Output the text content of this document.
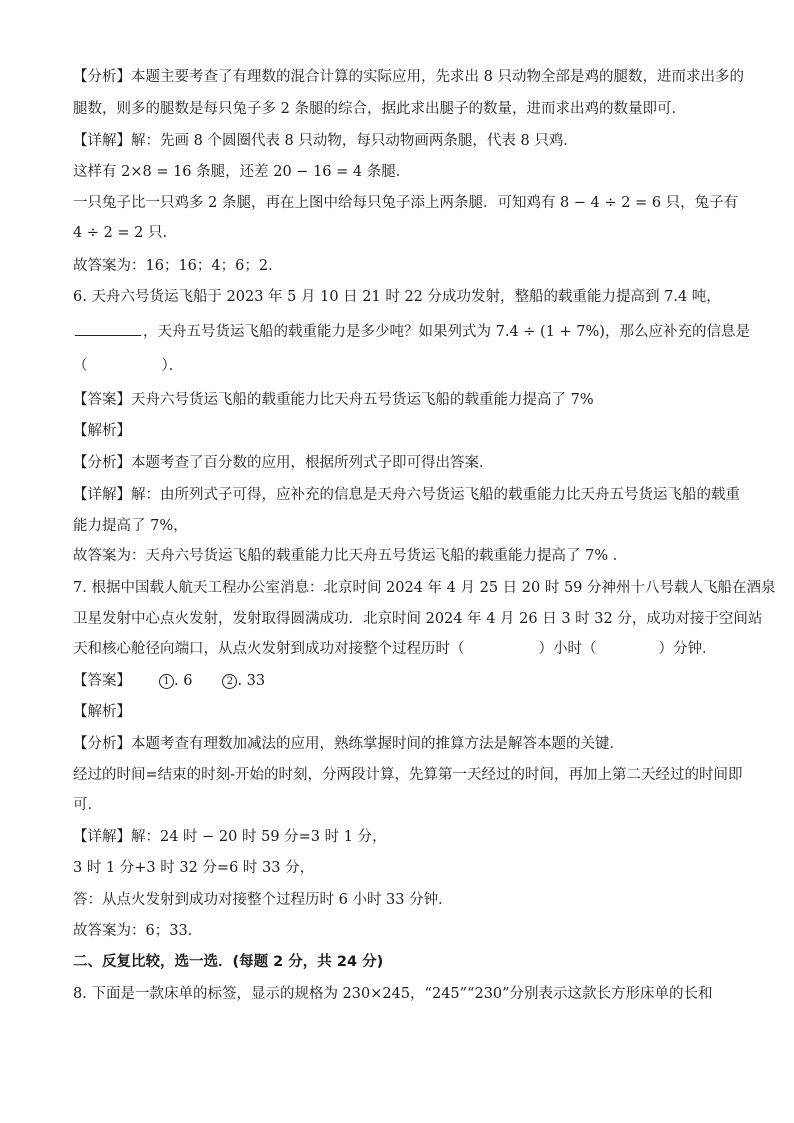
【分析】本题主要考查了有理数的混合计算的实际应用，先求出 8 只动物全部是鸡的腿数，进而求出多的
腿数，则多的腿数是每只兔子多 2 条腿的综合，据此求出腿子的数量，进而求出鸡的数量即可．
【详解】解：先画 8 个圆圈代表 8 只动物，每只动物画两条腿，代表 8 只鸡．
这样有 2×8 = 16 条腿，还差 20 − 16 = 4 条腿．
一只兔子比一只鸡多 2 条腿，再在上图中给每只兔子添上两条腿．可知鸡有 8 − 4 ÷ 2 = 6 只，兔子有
4 ÷ 2 = 2 只．
故答案为：16；16；4；6；2．
6. 天舟六号货运飞船于 2023 年 5 月 10 日 21 时 22 分成功发射，整船的载重能力提高到 7.4 吨，
，天舟五号货运飞船的载重能力是多少吨？如果列式为 7.4 ÷ (1 + 7%)，那么应补充的信息是
（	）．
【答案】天舟六号货运飞船的载重能力比天舟五号货运飞船的载重能力提高了 7%
【解析】
【分析】本题考查了百分数的应用，根据所列式子即可得出答案．
【详解】解：由所列式子可得，应补充的信息是天舟六号货运飞船的载重能力比天舟五号货运飞船的载重
能力提高了 7%，
故答案为：天舟六号货运飞船的载重能力比天舟五号货运飞船的载重能力提高了 7% ．
7. 根据中国载人航天工程办公室消息：北京时间 2024 年 4 月 25 日 20 时 59 分神州十八号载人飞船在酒泉
卫星发射中心点火发射，发射取得圆满成功．北京时间 2024 年 4 月 26 日 3 时 32 分，成功对接于空间站
天和核心舱径向端口，从点火发射到成功对接整个过程历时（	）小时（	）分钟．
【答案】	1 . 6	2 . 33
【解析】
【分析】本题考查有理数加减法的应用，熟练掌握时间的推算方法是解答本题的关键．
经过的时间=结束的时刻-开始的时刻，分两段计算，先算第一天经过的时间，再加上第二天经过的时间即
可．
【详解】解：24 时 − 20 时 59 分=3 时 1 分，
3 时 1 分+3 时 32 分=6 时 33 分，
答：从点火发射到成功对接整个过程历时 6 小时 33 分钟．
故答案为：6；33．
二、反复比较，选一选．(每题 2 分，共 24 分)
8. 下面是一款床单的标签，显示的规格为 230×245，“245”“230”分别表示这款长方形床单的长和
